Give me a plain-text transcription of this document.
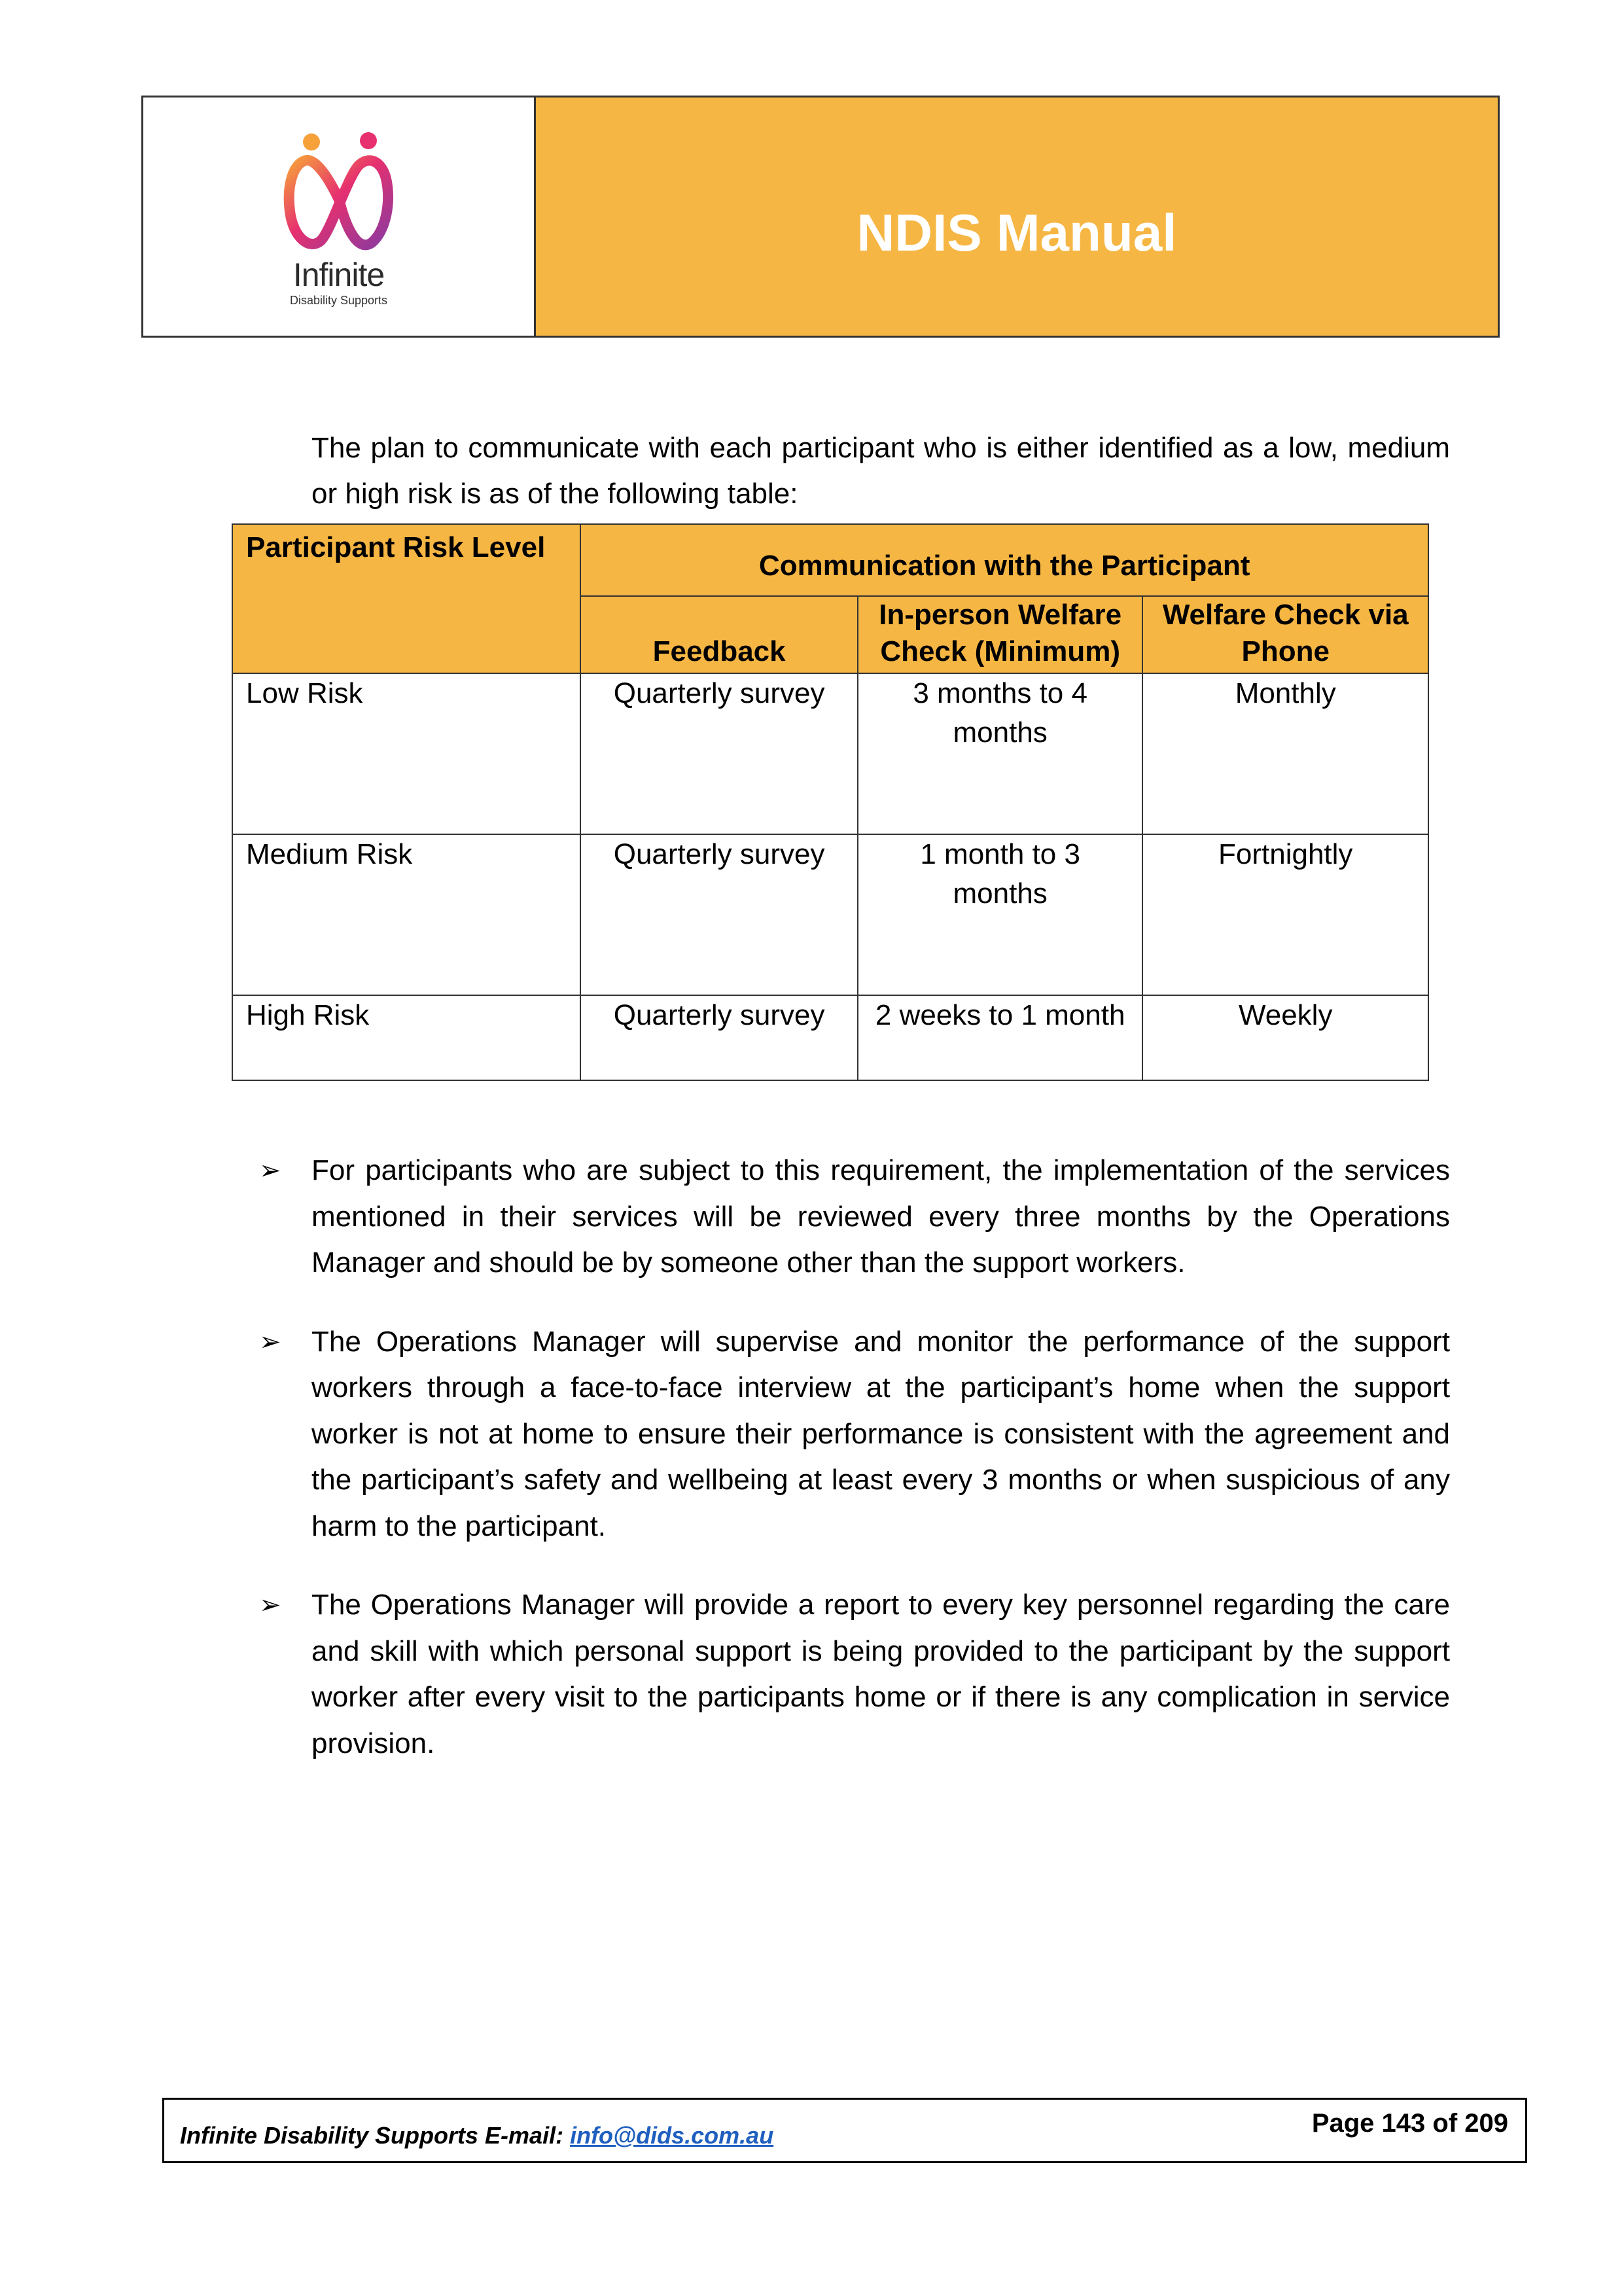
Infinite
Disability Supports
NDIS Manual

The plan to communicate with each participant who is either identified as a low, medium or high risk is as of the following table:

Participant Risk Level	Communication with the Participant		
	Feedback	In-person Welfare Check (Minimum)	Welfare Check via Phone
Low Risk	Quarterly survey	3 months to 4 months	Monthly
Medium Risk	Quarterly survey	1 month to 3 months	Fortnightly
High Risk	Quarterly survey	2 weeks to 1 month	Weekly
➢ For participants who are subject to this requirement, the implementation of the services mentioned in their services will be reviewed every three months by the Operations Manager and should be by someone other than the support workers.
➢ The Operations Manager will supervise and monitor the performance of the support workers through a face-to-face interview at the participant’s home when the support worker is not at home to ensure their performance is consistent with the agreement and the participant’s safety and wellbeing at least every 3 months or when suspicious of any harm to the participant.
➢ The Operations Manager will provide a report to every key personnel regarding the care and skill with which personal support is being provided to the participant by the support worker after every visit to the participants home or if there is any complication in service provision.
Infinite Disability Supports E-mail: info@dids.com.au	Page 143 of 209
